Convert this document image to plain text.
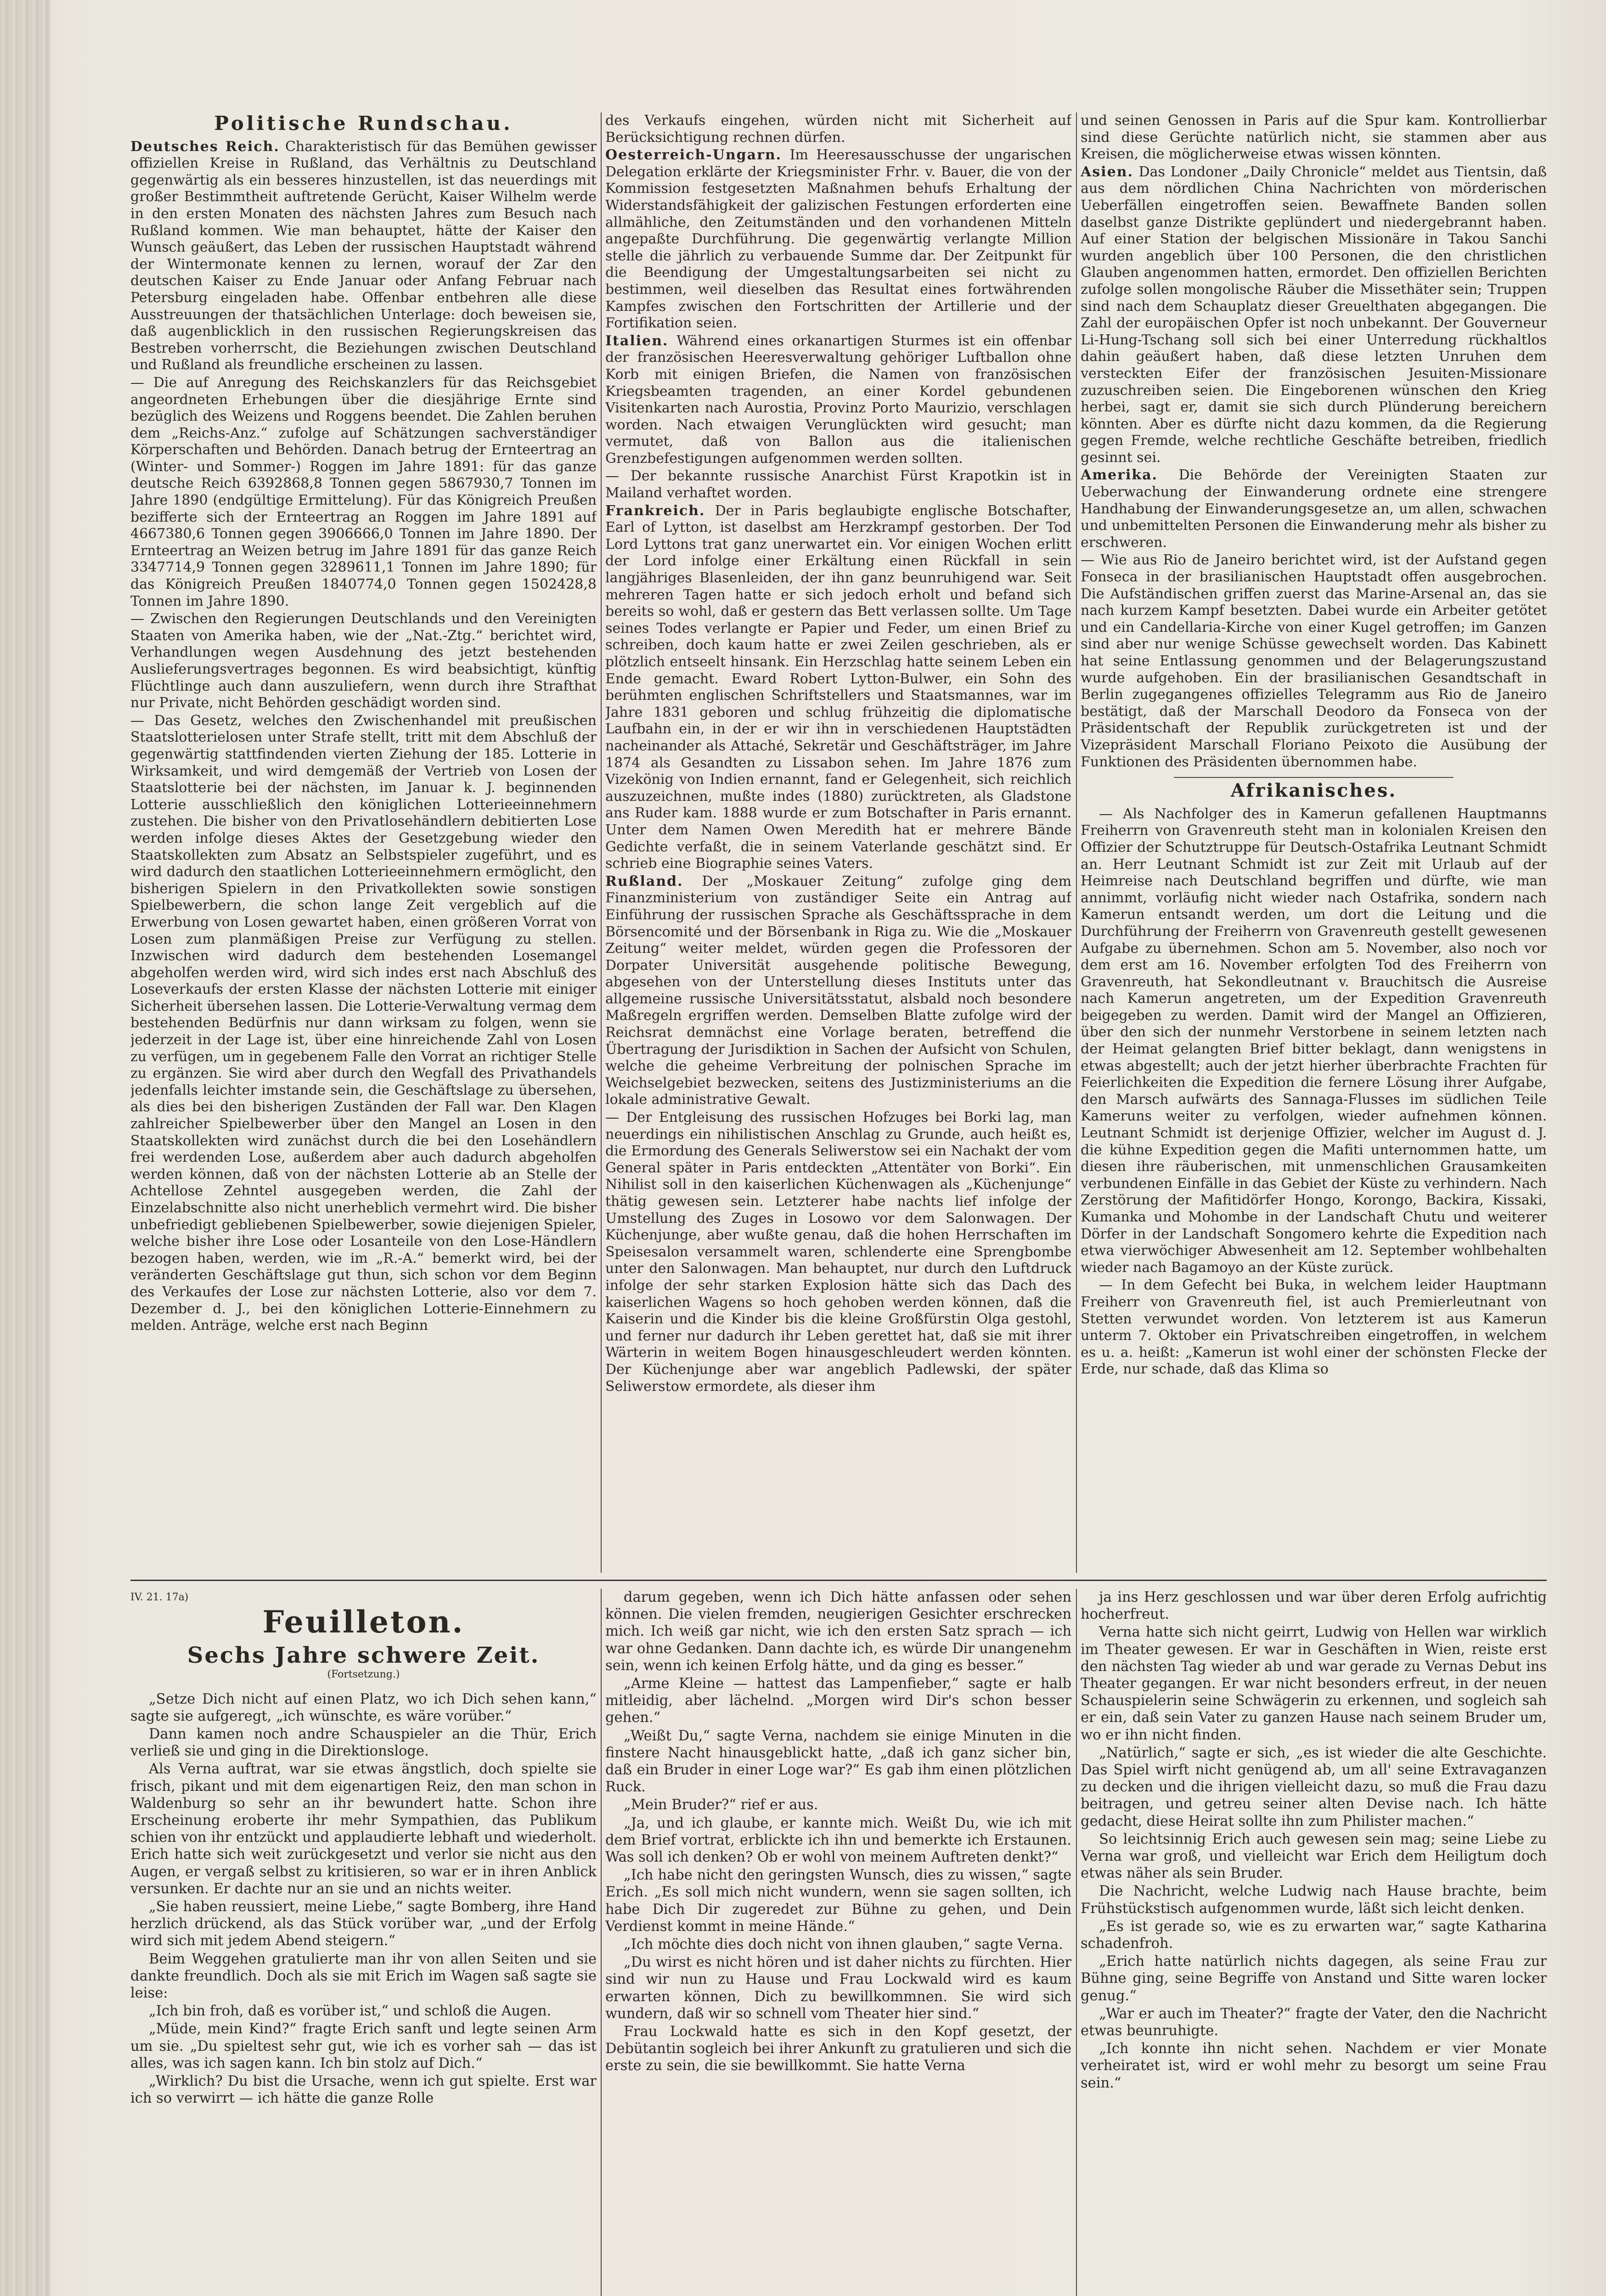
Politische Rundschau.

Deutsches Reich. Charakteristisch für das Bemühen gewisser offiziellen Kreise in Rußland, das Verhältnis zu Deutschland gegenwärtig als ein besseres hinzustellen, ist das neuerdings mit großer Bestimmtheit auftretende Gerücht, Kaiser Wilhelm werde in den ersten Monaten des nächsten Jahres zum Besuch nach Rußland kommen. Wie man behauptet, hätte der Kaiser den Wunsch geäußert, das Leben der russischen Hauptstadt während der Wintermonate kennen zu lernen, worauf der Zar den deutschen Kaiser zu Ende Januar oder Anfang Februar nach Petersburg eingeladen habe. Offenbar entbehren alle diese Ausstreuungen der thatsächlichen Unterlage: doch beweisen sie, daß augenblicklich in den russischen Regierungskreisen das Bestreben vorherrscht, die Beziehungen zwischen Deutschland und Rußland als freundliche erscheinen zu lassen.

— Die auf Anregung des Reichskanzlers für das Reichsgebiet angeordneten Erhebungen über die diesjährige Ernte sind bezüglich des Weizens und Roggens beendet. Die Zahlen beruhen dem „Reichs-Anz.“ zufolge auf Schätzungen sachverständiger Körperschaften und Behörden. Danach betrug der Ernteertrag an (Winter- und Sommer-) Roggen im Jahre 1891: für das ganze deutsche Reich 6392868,8 Tonnen gegen 5867930,7 Tonnen im Jahre 1890 (endgültige Ermittelung). Für das Königreich Preußen bezifferte sich der Ernteertrag an Roggen im Jahre 1891 auf 4667380,6 Tonnen gegen 3906666,0 Tonnen im Jahre 1890. Der Ernteertrag an Weizen betrug im Jahre 1891 für das ganze Reich 3347714,9 Tonnen gegen 3289611,1 Tonnen im Jahre 1890; für das Königreich Preußen 1840774,0 Tonnen gegen 1502428,8 Tonnen im Jahre 1890.

— Zwischen den Regierungen Deutschlands und den Vereinigten Staaten von Amerika haben, wie der „Nat.-Ztg.“ berichtet wird, Verhandlungen wegen Ausdehnung des jetzt bestehenden Auslieferungsvertrages begonnen. Es wird beabsichtigt, künftig Flüchtlinge auch dann auszuliefern, wenn durch ihre Strafthat nur Private, nicht Behörden geschädigt worden sind.

— Das Gesetz, welches den Zwischenhandel mit preußischen Staatslotterielosen unter Strafe stellt, tritt mit dem Abschluß der gegenwärtig stattfindenden vierten Ziehung der 185. Lotterie in Wirksamkeit, und wird demgemäß der Vertrieb von Losen der Staatslotterie bei der nächsten, im Januar k. J. beginnenden Lotterie ausschließlich den königlichen Lotterieeinnehmern zustehen. Die bisher von den Privatlosehändlern debitierten Lose werden infolge dieses Aktes der Gesetzgebung wieder den Staatskollekten zum Absatz an Selbstspieler zugeführt, und es wird dadurch den staatlichen Lotterieeinnehmern ermöglicht, den bisherigen Spielern in den Privatkollekten sowie sonstigen Spielbewerbern, die schon lange Zeit vergeblich auf die Erwerbung von Losen gewartet haben, einen größeren Vorrat von Losen zum planmäßigen Preise zur Verfügung zu stellen. Inzwischen wird dadurch dem bestehenden Losemangel abgeholfen werden wird, wird sich indes erst nach Abschluß des Loseverkaufs der ersten Klasse der nächsten Lotterie mit einiger Sicherheit übersehen lassen. Die Lotterie-Verwaltung vermag dem bestehenden Bedürfnis nur dann wirksam zu folgen, wenn sie jederzeit in der Lage ist, über eine hinreichende Zahl von Losen zu verfügen, um in gegebenem Falle den Vorrat an richtiger Stelle zu ergänzen. Sie wird aber durch den Wegfall des Privathandels jedenfalls leichter imstande sein, die Geschäftslage zu übersehen, als dies bei den bisherigen Zuständen der Fall war. Den Klagen zahlreicher Spielbewerber über den Mangel an Losen in den Staatskollekten wird zunächst durch die bei den Losehändlern frei werdenden Lose, außerdem aber auch dadurch abgeholfen werden können, daß von der nächsten Lotterie ab an Stelle der Achtellose Zehntel ausgegeben werden, die Zahl der Einzelabschnitte also nicht unerheblich vermehrt wird. Die bisher unbefriedigt gebliebenen Spielbewerber, sowie diejenigen Spieler, welche bisher ihre Lose oder Losanteile von den Lose-Händlern bezogen haben, werden, wie im „R.-A.“ bemerkt wird, bei der veränderten Geschäftslage gut thun, sich schon vor dem Beginn des Verkaufes der Lose zur nächsten Lotterie, also vor dem 7. Dezember d. J., bei den königlichen Lotterie-Einnehmern zu melden. Anträge, welche erst nach Beginn

des Verkaufs eingehen, würden nicht mit Sicherheit auf Berücksichtigung rechnen dürfen.

Oesterreich-Ungarn. Im Heeresausschusse der ungarischen Delegation erklärte der Kriegsminister Frhr. v. Bauer, die von der Kommission festgesetzten Maßnahmen behufs Erhaltung der Widerstandsfähigkeit der galizischen Festungen erforderten eine allmähliche, den Zeitumständen und den vorhandenen Mitteln angepaßte Durchführung. Die gegenwärtig verlangte Million stelle die jährlich zu verbauende Summe dar. Der Zeitpunkt für die Beendigung der Umgestaltungsarbeiten sei nicht zu bestimmen, weil dieselben das Resultat eines fortwährenden Kampfes zwischen den Fortschritten der Artillerie und der Fortifikation seien.

Italien. Während eines orkanartigen Sturmes ist ein offenbar der französischen Heeresverwaltung gehöriger Luftballon ohne Korb mit einigen Briefen, die Namen von französischen Kriegsbeamten tragenden, an einer Kordel gebundenen Visitenkarten nach Aurostia, Provinz Porto Maurizio, verschlagen worden. Nach etwaigen Verunglückten wird gesucht; man vermutet, daß von Ballon aus die italienischen Grenzbefestigungen aufgenommen werden sollten.

— Der bekannte russische Anarchist Fürst Krapotkin ist in Mailand verhaftet worden.

Frankreich. Der in Paris beglaubigte englische Botschafter, Earl of Lytton, ist daselbst am Herzkrampf gestorben. Der Tod Lord Lyttons trat ganz unerwartet ein. Vor einigen Wochen erlitt der Lord infolge einer Erkältung einen Rückfall in sein langjähriges Blasenleiden, der ihn ganz beunruhigend war. Seit mehreren Tagen hatte er sich jedoch erholt und befand sich bereits so wohl, daß er gestern das Bett verlassen sollte. Um Tage seines Todes verlangte er Papier und Feder, um einen Brief zu schreiben, doch kaum hatte er zwei Zeilen geschrieben, als er plötzlich entseelt hinsank. Ein Herzschlag hatte seinem Leben ein Ende gemacht. Eward Robert Lytton-Bulwer, ein Sohn des berühmten englischen Schriftstellers und Staatsmannes, war im Jahre 1831 geboren und schlug frühzeitig die diplomatische Laufbahn ein, in der er wir ihn in verschiedenen Hauptstädten nacheinander als Attaché, Sekretär und Geschäftsträger, im Jahre 1874 als Gesandten zu Lissabon sehen. Im Jahre 1876 zum Vizekönig von Indien ernannt, fand er Gelegenheit, sich reichlich auszuzeichnen, mußte indes (1880) zurücktreten, als Gladstone ans Ruder kam. 1888 wurde er zum Botschafter in Paris ernannt. Unter dem Namen Owen Meredith hat er mehrere Bände Gedichte verfaßt, die in seinem Vaterlande geschätzt sind. Er schrieb eine Biographie seines Vaters.

Rußland. Der „Moskauer Zeitung“ zufolge ging dem Finanzministerium von zuständiger Seite ein Antrag auf Einführung der russischen Sprache als Geschäftssprache in dem Börsencomité und der Börsenbank in Riga zu. Wie die „Moskauer Zeitung“ weiter meldet, würden gegen die Professoren der Dorpater Universität ausgehende politische Bewegung, abgesehen von der Unterstellung dieses Instituts unter das allgemeine russische Universitätsstatut, alsbald noch besondere Maßregeln ergriffen werden. Demselben Blatte zufolge wird der Reichsrat demnächst eine Vorlage beraten, betreffend die Übertragung der Jurisdiktion in Sachen der Aufsicht von Schulen, welche die geheime Verbreitung der polnischen Sprache im Weichselgebiet bezwecken, seitens des Justizministeriums an die lokale administrative Gewalt.

— Der Entgleisung des russischen Hofzuges bei Borki lag, man neuerdings ein nihilistischen Anschlag zu Grunde, auch heißt es, die Ermordung des Generals Seliwerstow sei ein Nachakt der vom General später in Paris entdeckten „Attentäter von Borki“. Ein Nihilist soll in den kaiserlichen Küchenwagen als „Küchenjunge“ thätig gewesen sein. Letzterer habe nachts lief infolge der Umstellung des Zuges in Losowo vor dem Salonwagen. Der Küchenjunge, aber wußte genau, daß die hohen Herrschaften im Speisesalon versammelt waren, schlenderte eine Sprengbombe unter den Salonwagen. Man behauptet, nur durch den Luftdruck infolge der sehr starken Explosion hätte sich das Dach des kaiserlichen Wagens so hoch gehoben werden können, daß die Kaiserin und die Kinder bis die kleine Großfürstin Olga gestohl, und ferner nur dadurch ihr Leben gerettet hat, daß sie mit ihrer Wärterin in weitem Bogen hinausgeschleudert werden könnten. Der Küchenjunge aber war angeblich Padlewski, der später Seliwerstow ermordete, als dieser ihm

und seinen Genossen in Paris auf die Spur kam. Kontrollierbar sind diese Gerüchte natürlich nicht, sie stammen aber aus Kreisen, die möglicherweise etwas wissen könnten.

Asien. Das Londoner „Daily Chronicle“ meldet aus Tientsin, daß aus dem nördlichen China Nachrichten von mörderischen Ueberfällen eingetroffen seien. Bewaffnete Banden sollen daselbst ganze Distrikte geplündert und niedergebrannt haben. Auf einer Station der belgischen Missionäre in Takou Sanchi wurden angeblich über 100 Personen, die den christlichen Glauben angenommen hatten, ermordet. Den offiziellen Berichten zufolge sollen mongolische Räuber die Missethäter sein; Truppen sind nach dem Schauplatz dieser Greuelthaten abgegangen. Die Zahl der europäischen Opfer ist noch unbekannt. Der Gouverneur Li-Hung-Tschang soll sich bei einer Unterredung rückhaltlos dahin geäußert haben, daß diese letzten Unruhen dem versteckten Eifer der französischen Jesuiten-Missionare zuzuschreiben seien. Die Eingeborenen wünschen den Krieg herbei, sagt er, damit sie sich durch Plünderung bereichern könnten. Aber es dürfte nicht dazu kommen, da die Regierung gegen Fremde, welche rechtliche Geschäfte betreiben, friedlich gesinnt sei.

Amerika. Die Behörde der Vereinigten Staaten zur Ueberwachung der Einwanderung ordnete eine strengere Handhabung der Einwanderungsgesetze an, um allen, schwachen und unbemittelten Personen die Einwanderung mehr als bisher zu erschweren.

— Wie aus Rio de Janeiro berichtet wird, ist der Aufstand gegen Fonseca in der brasilianischen Hauptstadt offen ausgebrochen. Die Aufständischen griffen zuerst das Marine-Arsenal an, das sie nach kurzem Kampf besetzten. Dabei wurde ein Arbeiter getötet und ein Candellaria-Kirche von einer Kugel getroffen; im Ganzen sind aber nur wenige Schüsse gewechselt worden. Das Kabinett hat seine Entlassung genommen und der Belagerungszustand wurde aufgehoben. Ein der brasilianischen Gesandtschaft in Berlin zugegangenes offizielles Telegramm aus Rio de Janeiro bestätigt, daß der Marschall Deodoro da Fonseca von der Präsidentschaft der Republik zurückgetreten ist und der Vizepräsident Marschall Floriano Peixoto die Ausübung der Funktionen des Präsidenten übernommen habe.

Afrikanisches.

— Als Nachfolger des in Kamerun gefallenen Hauptmanns Freiherrn von Gravenreuth steht man in kolonialen Kreisen den Offizier der Schutztruppe für Deutsch-Ostafrika Leutnant Schmidt an. Herr Leutnant Schmidt ist zur Zeit mit Urlaub auf der Heimreise nach Deutschland begriffen und dürfte, wie man annimmt, vorläufig nicht wieder nach Ostafrika, sondern nach Kamerun entsandt werden, um dort die Leitung und die Durchführung der Freiherrn von Gravenreuth gestellt gewesenen Aufgabe zu übernehmen. Schon am 5. November, also noch vor dem erst am 16. November erfolgten Tod des Freiherrn von Gravenreuth, hat Sekondleutnant v. Brauchitsch die Ausreise nach Kamerun angetreten, um der Expedition Gravenreuth beigegeben zu werden. Damit wird der Mangel an Offizieren, über den sich der nunmehr Verstorbene in seinem letzten nach der Heimat gelangten Brief bitter beklagt, dann wenigstens in etwas abgestellt; auch der jetzt hierher überbrachte Frachten für Feierlichkeiten die Expedition die fernere Lösung ihrer Aufgabe, den Marsch aufwärts des Sannaga-Flusses im südlichen Teile Kameruns weiter zu verfolgen, wieder aufnehmen können. Leutnant Schmidt ist derjenige Offizier, welcher im August d. J. die kühne Expedition gegen die Mafiti unternommen hatte, um diesen ihre räuberischen, mit unmenschlichen Grausamkeiten verbundenen Einfälle in das Gebiet der Küste zu verhindern. Nach Zerstörung der Mafitidörfer Hongo, Korongo, Backira, Kissaki, Kumanka und Mohombe in der Landschaft Chutu und weiterer Dörfer in der Landschaft Songomero kehrte die Expedition nach etwa vierwöchiger Abwesenheit am 12. September wohlbehalten wieder nach Bagamoyo an der Küste zurück.

— In dem Gefecht bei Buka, in welchem leider Hauptmann Freiherr von Gravenreuth fiel, ist auch Premierleutnant von Stetten verwundet worden. Von letzterem ist aus Kamerun unterm 7. Oktober ein Privatschreiben eingetroffen, in welchem es u. a. heißt: „Kamerun ist wohl einer der schönsten Flecke der Erde, nur schade, daß das Klima so

IV. 21. 17a)
Feuilleton.
Sechs Jahre schwere Zeit.
(Fortsetzung.)

„Setze Dich nicht auf einen Platz, wo ich Dich sehen kann,“ sagte sie aufgeregt, „ich wünschte, es wäre vorüber.“

Dann kamen noch andre Schauspieler an die Thür, Erich verließ sie und ging in die Direktionsloge.

Als Verna auftrat, war sie etwas ängstlich, doch spielte sie frisch, pikant und mit dem eigenartigen Reiz, den man schon in Waldenburg so sehr an ihr bewundert hatte. Schon ihre Erscheinung eroberte ihr mehr Sympathien, das Publikum schien von ihr entzückt und applaudierte lebhaft und wiederholt. Erich hatte sich weit zurückgesetzt und verlor sie nicht aus den Augen, er vergaß selbst zu kritisieren, so war er in ihren Anblick versunken. Er dachte nur an sie und an nichts weiter.

„Sie haben reussiert, meine Liebe,“ sagte Bomberg, ihre Hand herzlich drückend, als das Stück vorüber war, „und der Erfolg wird sich mit jedem Abend steigern.“

Beim Weggehen gratulierte man ihr von allen Seiten und sie dankte freundlich. Doch als sie mit Erich im Wagen saß sagte sie leise:

„Ich bin froh, daß es vorüber ist,“ und schloß die Augen.

„Müde, mein Kind?“ fragte Erich sanft und legte seinen Arm um sie. „Du spieltest sehr gut, wie ich es vorher sah — das ist alles, was ich sagen kann. Ich bin stolz auf Dich.“

„Wirklich? Du bist die Ursache, wenn ich gut spielte. Erst war ich so verwirrt — ich hätte die ganze Rolle

darum gegeben, wenn ich Dich hätte anfassen oder sehen können. Die vielen fremden, neugierigen Gesichter erschrecken mich. Ich weiß gar nicht, wie ich den ersten Satz sprach — ich war ohne Gedanken. Dann dachte ich, es würde Dir unangenehm sein, wenn ich keinen Erfolg hätte, und da ging es besser.“

„Arme Kleine — hattest das Lampenfieber,“ sagte er halb mitleidig, aber lächelnd. „Morgen wird Dir's schon besser gehen.“

„Weißt Du,“ sagte Verna, nachdem sie einige Minuten in die finstere Nacht hinausgeblickt hatte, „daß ich ganz sicher bin, daß ein Bruder in einer Loge war?“ Es gab ihm einen plötzlichen Ruck.

„Mein Bruder?“ rief er aus.

„Ja, und ich glaube, er kannte mich. Weißt Du, wie ich mit dem Brief vortrat, erblickte ich ihn und bemerkte ich Erstaunen. Was soll ich denken? Ob er wohl von meinem Auftreten denkt?“

„Ich habe nicht den geringsten Wunsch, dies zu wissen,“ sagte Erich. „Es soll mich nicht wundern, wenn sie sagen sollten, ich habe Dich Dir zugeredet zur Bühne zu gehen, und Dein Verdienst kommt in meine Hände.“

„Ich möchte dies doch nicht von ihnen glauben,“ sagte Verna.

„Du wirst es nicht hören und ist daher nichts zu fürchten. Hier sind wir nun zu Hause und Frau Lockwald wird es kaum erwarten können, Dich zu bewillkommnen. Sie wird sich wundern, daß wir so schnell vom Theater hier sind.“

Frau Lockwald hatte es sich in den Kopf gesetzt, der Debütantin sogleich bei ihrer Ankunft zu gratulieren und sich die erste zu sein, die sie bewillkommt. Sie hatte Verna

ja ins Herz geschlossen und war über deren Erfolg aufrichtig hocherfreut.

Verna hatte sich nicht geirrt, Ludwig von Hellen war wirklich im Theater gewesen. Er war in Geschäften in Wien, reiste erst den nächsten Tag wieder ab und war gerade zu Vernas Debut ins Theater gegangen. Er war nicht besonders erfreut, in der neuen Schauspielerin seine Schwägerin zu erkennen, und sogleich sah er ein, daß sein Vater zu ganzen Hause nach seinem Bruder um, wo er ihn nicht finden.

„Natürlich,“ sagte er sich, „es ist wieder die alte Geschichte. Das Spiel wirft nicht genügend ab, um all' seine Extravaganzen zu decken und die ihrigen vielleicht dazu, so muß die Frau dazu beitragen, und getreu seiner alten Devise nach. Ich hätte gedacht, diese Heirat sollte ihn zum Philister machen.“

So leichtsinnig Erich auch gewesen sein mag; seine Liebe zu Verna war groß, und vielleicht war Erich dem Heiligtum doch etwas näher als sein Bruder.

Die Nachricht, welche Ludwig nach Hause brachte, beim Frühstückstisch aufgenommen wurde, läßt sich leicht denken.

„Es ist gerade so, wie es zu erwarten war,“ sagte Katharina schadenfroh.

„Erich hatte natürlich nichts dagegen, als seine Frau zur Bühne ging, seine Begriffe von Anstand und Sitte waren locker genug.“

„War er auch im Theater?“ fragte der Vater, den die Nachricht etwas beunruhigte.

„Ich konnte ihn nicht sehen. Nachdem er vier Monate verheiratet ist, wird er wohl mehr zu besorgt um seine Frau sein.“
